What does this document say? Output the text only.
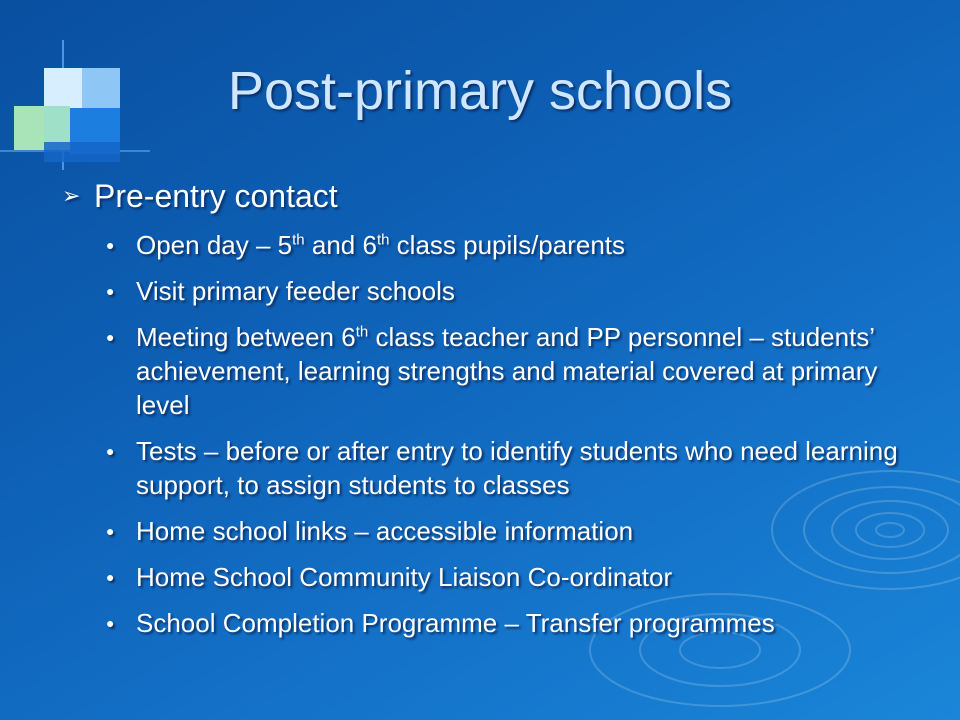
Post-primary schools
➢ Pre-entry contact
● Open day – 5th and 6th class pupils/parents
● Visit primary feeder schools
● Meeting between 6th class teacher and PP personnel – students’ achievement, learning strengths and material covered at primary level
● Tests – before or after entry to identify students who need learning support, to assign students to classes
● Home school links – accessible information
● Home School Community Liaison Co-ordinator
● School Completion Programme – Transfer programmes
